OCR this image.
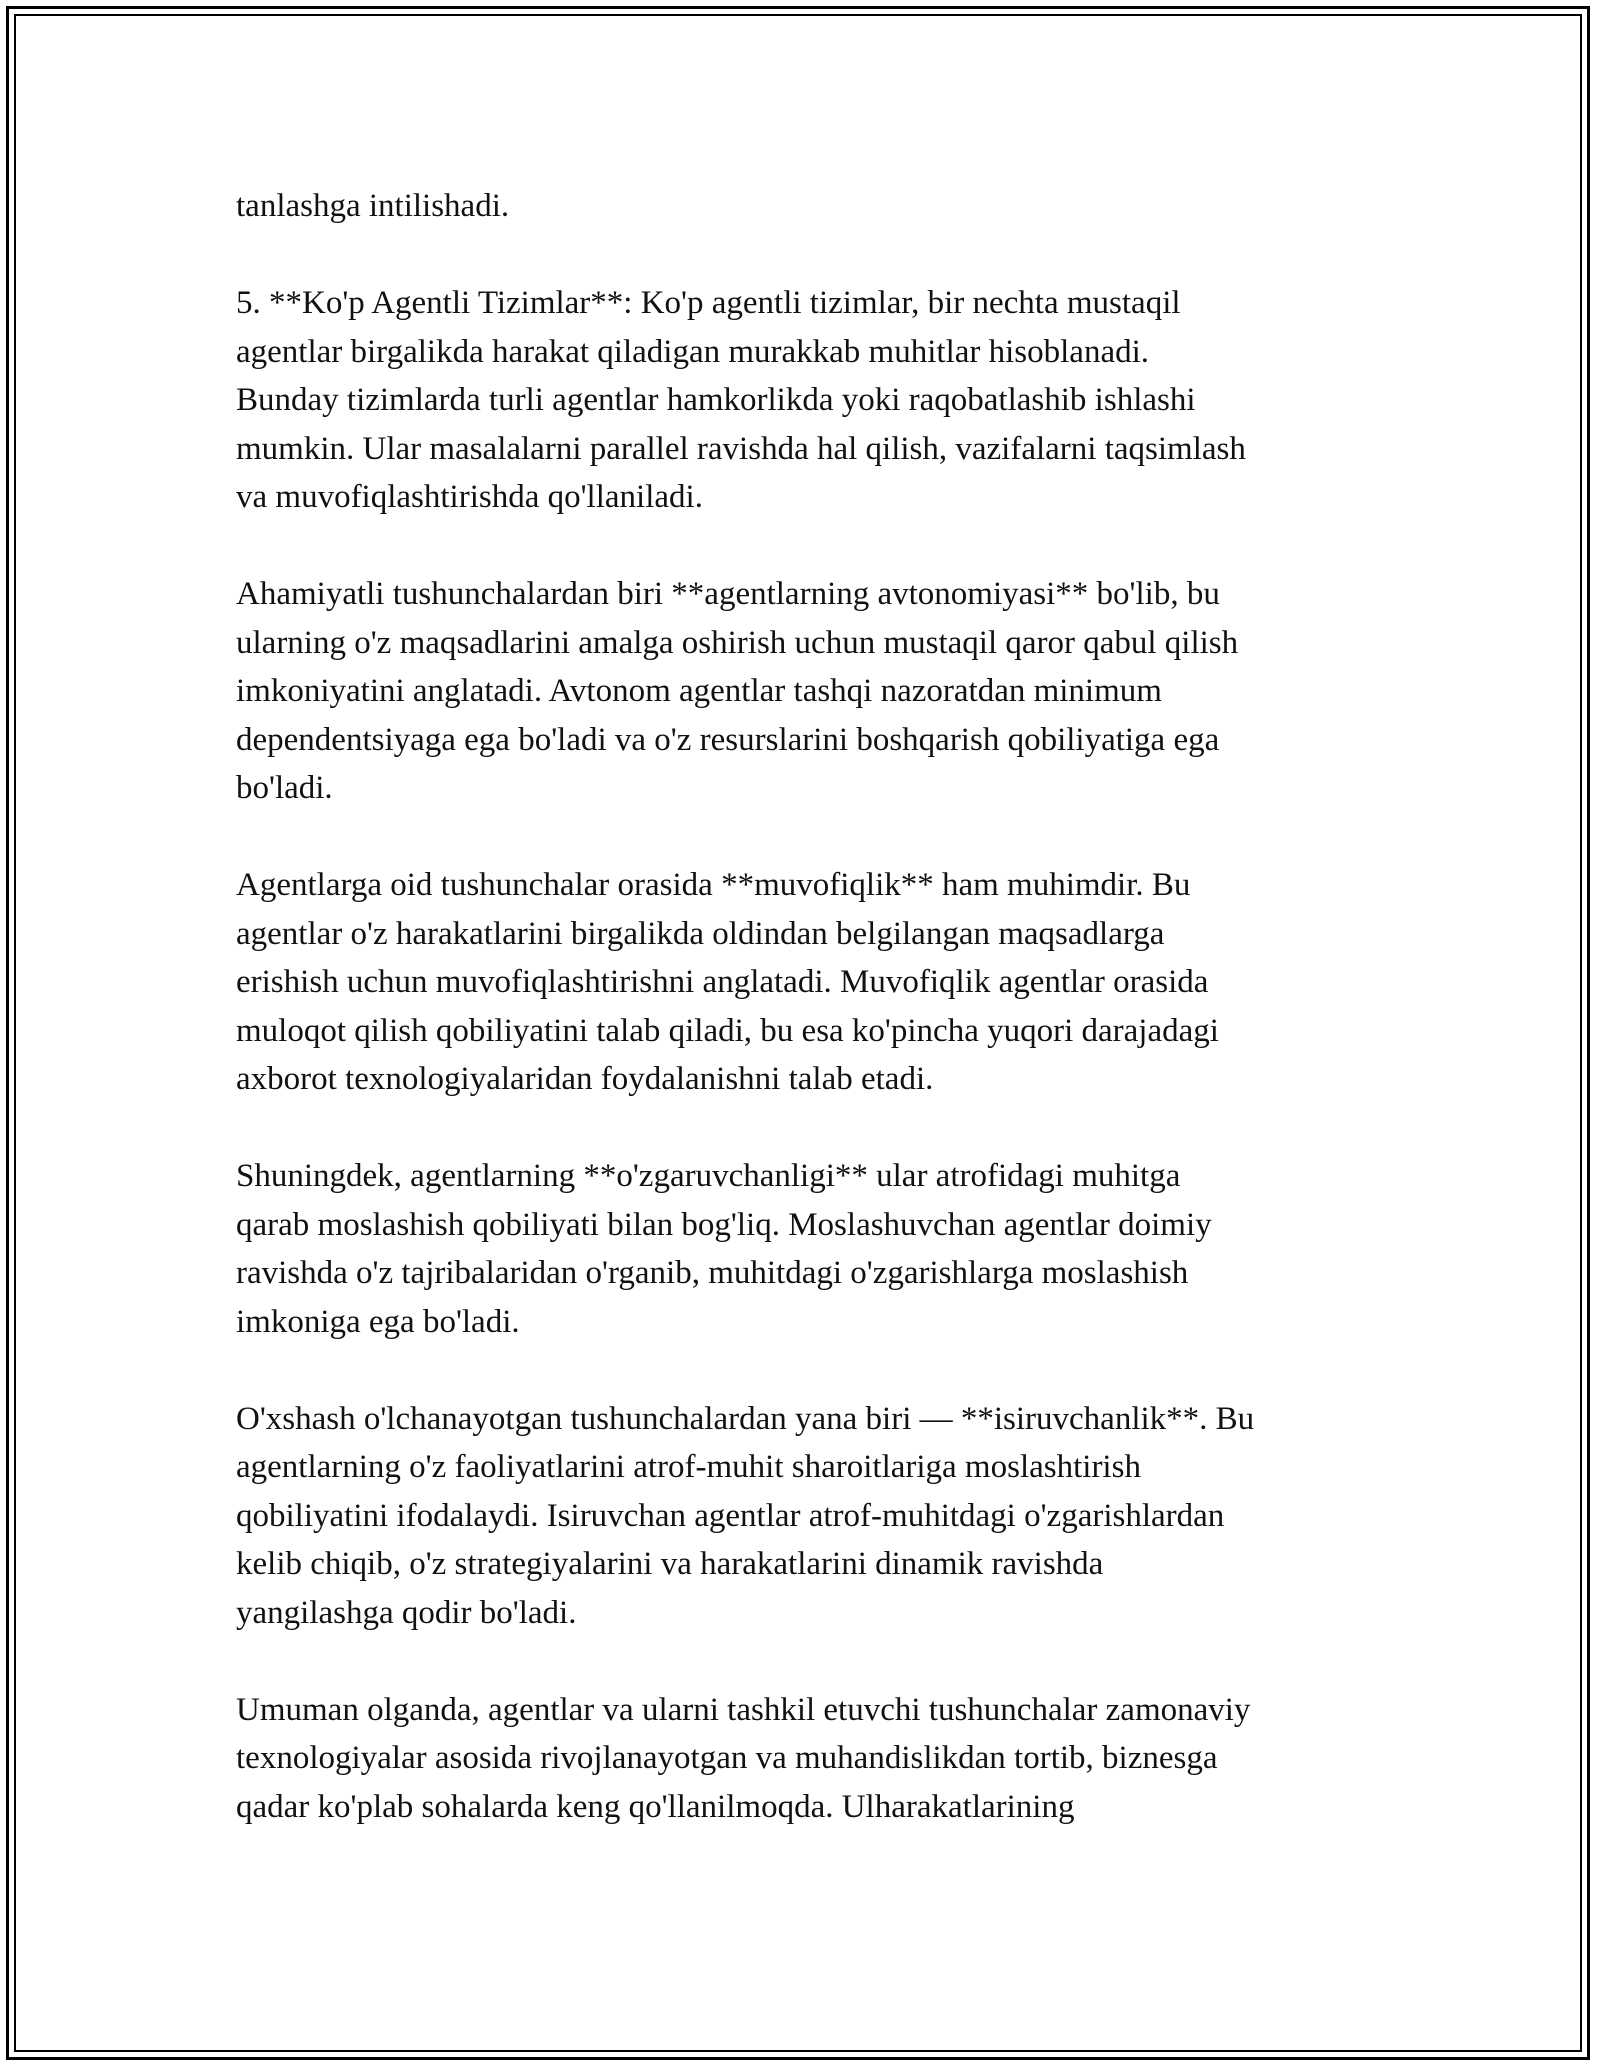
tanlashga intilishadi.

5. **Ko'p Agentli Tizimlar**: Ko'p agentli tizimlar, bir nechta mustaqil
agentlar birgalikda harakat qiladigan murakkab muhitlar hisoblanadi.
Bunday tizimlarda turli agentlar hamkorlikda yoki raqobatlashib ishlashi
mumkin. Ular masalalarni parallel ravishda hal qilish, vazifalarni taqsimlash
va muvofiqlashtirishda qo'llaniladi.

Ahamiyatli tushunchalardan biri **agentlarning avtonomiyasi** bo'lib, bu
ularning o'z maqsadlarini amalga oshirish uchun mustaqil qaror qabul qilish
imkoniyatini anglatadi. Avtonom agentlar tashqi nazoratdan minimum
dependentsiyaga ega bo'ladi va o'z resurslarini boshqarish qobiliyatiga ega
bo'ladi.

Agentlarga oid tushunchalar orasida **muvofiqlik** ham muhimdir. Bu
agentlar o'z harakatlarini birgalikda oldindan belgilangan maqsadlarga
erishish uchun muvofiqlashtirishni anglatadi. Muvofiqlik agentlar orasida
muloqot qilish qobiliyatini talab qiladi, bu esa ko'pincha yuqori darajadagi
axborot texnologiyalaridan foydalanishni talab etadi.

Shuningdek, agentlarning **o'zgaruvchanligi** ular atrofidagi muhitga
qarab moslashish qobiliyati bilan bog'liq. Moslashuvchan agentlar doimiy
ravishda o'z tajribalaridan o'rganib, muhitdagi o'zgarishlarga moslashish
imkoniga ega bo'ladi.

O'xshash o'lchanayotgan tushunchalardan yana biri — **isiruvchanlik**. Bu
agentlarning o'z faoliyatlarini atrof-muhit sharoitlariga moslashtirish
qobiliyatini ifodalaydi. Isiruvchan agentlar atrof-muhitdagi o'zgarishlardan
kelib chiqib, o'z strategiyalarini va harakatlarini dinamik ravishda
yangilashga qodir bo'ladi.

Umuman olganda, agentlar va ularni tashkil etuvchi tushunchalar zamonaviy
texnologiyalar asosida rivojlanayotgan va muhandislikdan tortib, biznesga
qadar ko'plab sohalarda keng qo'llanilmoqda. Ulharakatlarining
